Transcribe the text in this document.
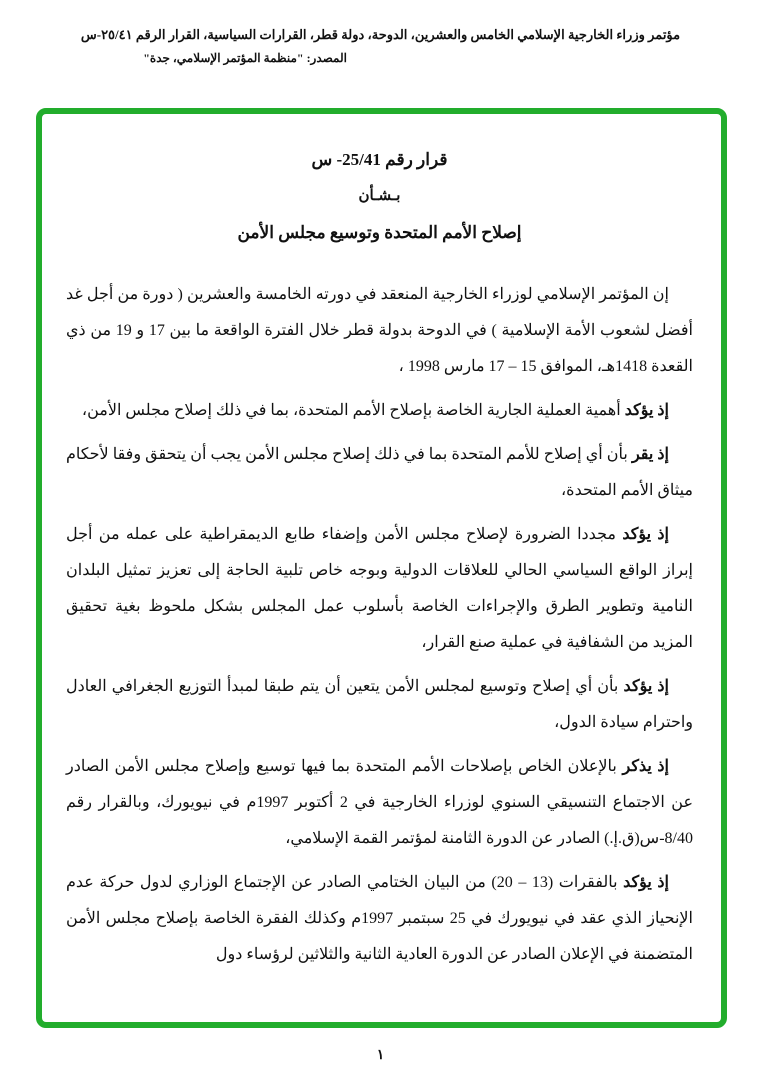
مؤتمر وزراء الخارجية الإسلامي الخامس والعشرين، الدوحة، دولة قطر، القرارات السياسية، القرار الرقم ٢٥/٤١-س
المصدر: "منظمة المؤتمر الإسلامي، جدة"
قرار رقم 25/41- س
بـشـأن
إصلاح الأمم المتحدة وتوسيع مجلس الأمن

إن المؤتمر الإسلامي لوزراء الخارجية المنعقد في دورته الخامسة والعشرين ( دورة من أجل غد أفضل لشعوب الأمة الإسلامية ) في الدوحة بدولة قطر خلال الفترة الواقعة ما بين 17 و 19 من ذي القعدة 1418هـ، الموافق 15 – 17 مارس 1998 ،

إذ يؤكد أهمية العملية الجارية الخاصة بإصلاح الأمم المتحدة، بما في ذلك إصلاح مجلس الأمن،

إذ يقر بأن أي إصلاح للأمم المتحدة بما في ذلك إصلاح مجلس الأمن يجب أن يتحقق وفقا لأحكام ميثاق الأمم المتحدة،

إذ يؤكد مجددا الضرورة لإصلاح مجلس الأمن وإضفاء طابع الديمقراطية على عمله من أجل إبراز الواقع السياسي الحالي للعلاقات الدولية وبوجه خاص تلبية الحاجة إلى تعزيز تمثيل البلدان النامية وتطوير الطرق والإجراءات الخاصة بأسلوب عمل المجلس بشكل ملحوظ بغية تحقيق المزيد من الشفافية في عملية صنع القرار،

إذ يؤكد بأن أي إصلاح وتوسيع لمجلس الأمن يتعين أن يتم طبقا لمبدأ التوزيع الجغرافي العادل واحترام سيادة الدول،

إذ يذكر بالإعلان الخاص بإصلاحات الأمم المتحدة بما فيها توسيع وإصلاح مجلس الأمن الصادر عن الاجتماع التنسيقي السنوي لوزراء الخارجية في 2 أكتوبر 1997م في نيويورك، وبالقرار رقم 8/40-س(ق.إ.) الصادر عن الدورة الثامنة لمؤتمر القمة الإسلامي،

إذ يؤكد بالفقرات (13 – 20) من البيان الختامي الصادر عن الإجتماع الوزاري لدول حركة عدم الإنحياز الذي عقد في نيويورك في 25 سبتمبر 1997م وكذلك الفقرة الخاصة بإصلاح مجلس الأمن المتضمنة في الإعلان الصادر عن الدورة العادية الثانية والثلاثين لرؤساء دول

١
